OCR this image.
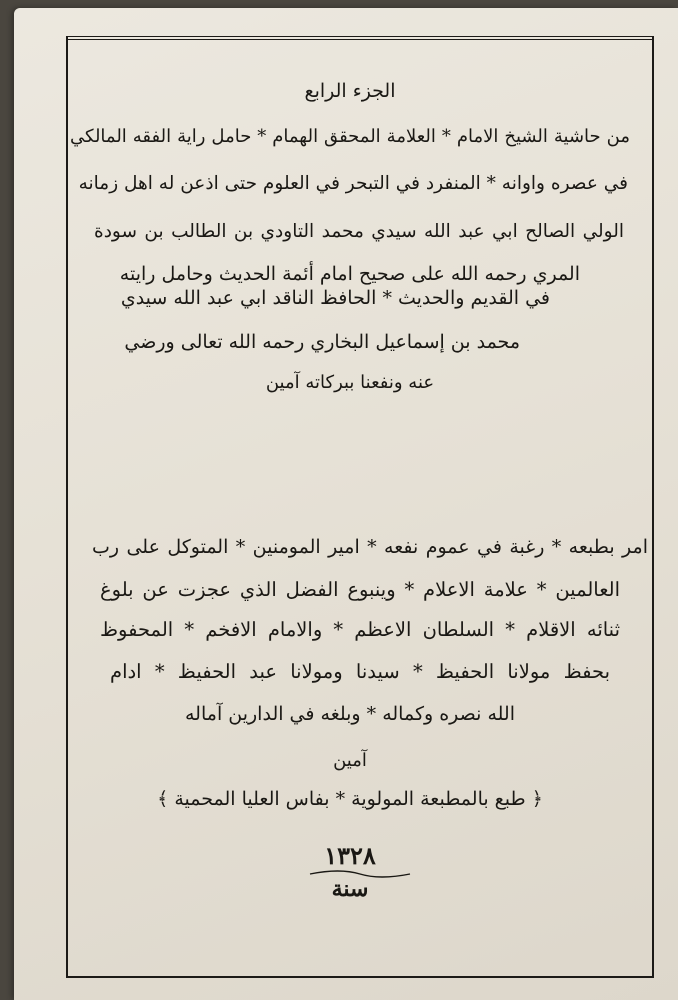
الجزء الرابع
من حاشية الشيخ الامام * العلامة المحقق الهمام * حامل راية الفقه المالكي
في عصره واوانه * المنفرد في التبحر في العلوم حتى اذعن له اهل زمانه
الولي الصالح ابي عبد الله سيدي محمد التاودي بن الطالب بن سودة
المري رحمه الله على صحيح امام أئمة الحديث وحامل رايته
في القديم والحديث * الحافظ الناقد ابي عبد الله سيدي
محمد بن إسماعيل البخاري رحمه الله تعالى ورضي
عنه ونفعنا ببركاته آمين
امر بطبعه * رغبة في عموم نفعه * امير المومنين * المتوكل على رب
العالمين * علامة الاعلام * وينبوع الفضل الذي عجزت عن بلوغ
ثنائه الاقلام * السلطان الاعظم * والامام الافخم * المحفوظ
بحفظ مولانا الحفيظ * سيدنا ومولانا عبد الحفيظ * ادام
الله نصره وكماله * وبلغه في الدارين آماله
آمين
﴿ طبع بالمطبعة المولوية * بفاس العليا المحمية ﴾
١٣٢٨
سنة
